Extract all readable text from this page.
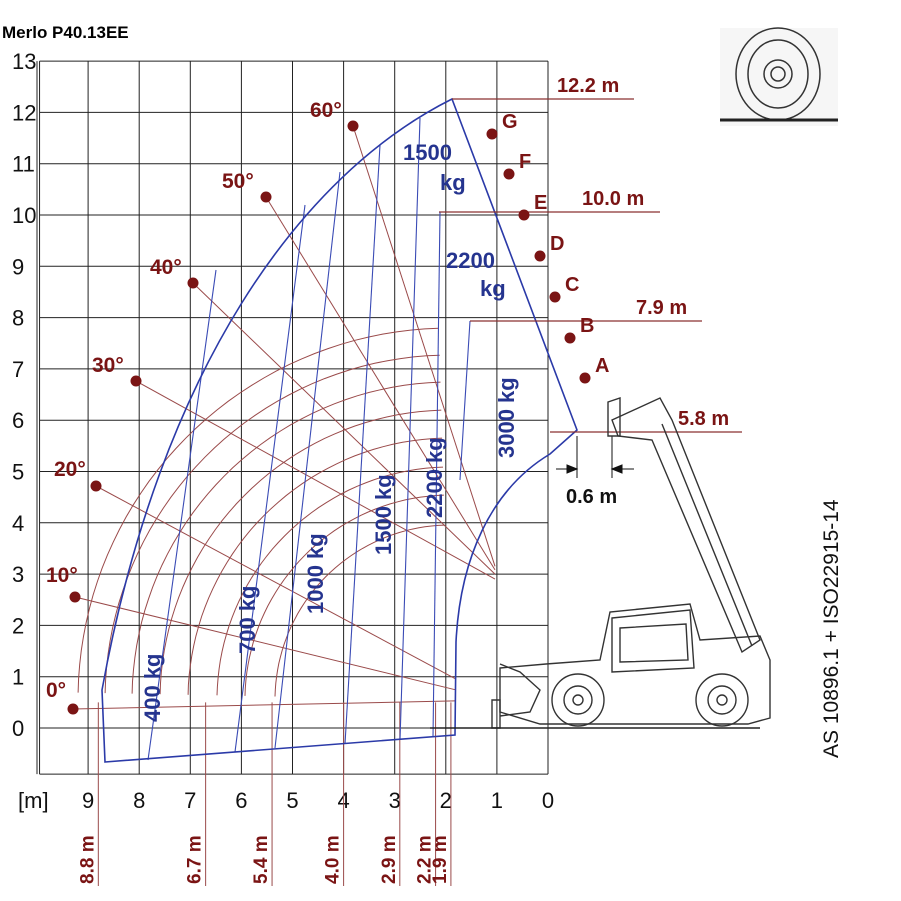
Merlo P40.13EE
0
1
2
3
4
5
6
7
8
9
10
11
12
13
9 8 7 6 5 4 3 2 1 0
[m]
0°
10°
20°
30°
40°
50°
60°
A
B
C
D
E
F
G
12.2 m
10.0 m
7.9 m
5.8 m
0.6 m
8.8 m	6.7 m 5.4 m	4.0 m 2.9 m 2.2 m
1.9 m
400 kg
700 kg
1000 kg
1500 kg 2200 kg
3000 kg
1500
kg
2200
kg
AS 10896.1 + ISO22915-14
